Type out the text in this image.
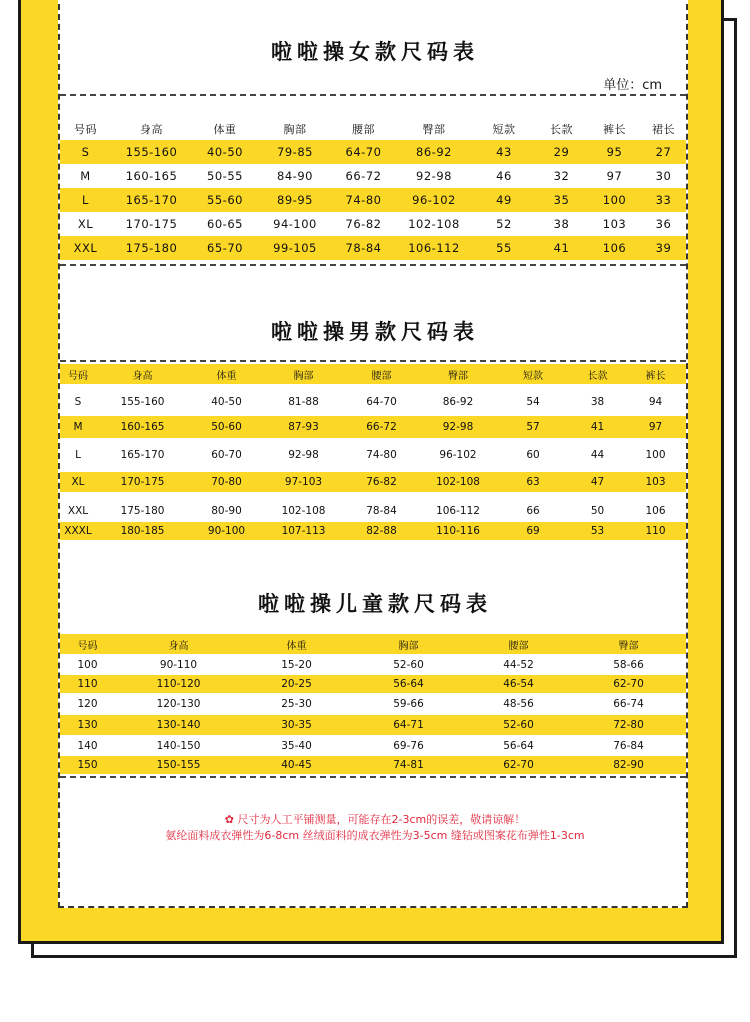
啦啦操女款尺码表
单位：cm
号码	身高	体重	胸部	腰部	臀部	短款	长款	裤长	裙长
S	155-160	40-50	79-85	64-70	86-92	43	29	95	27
M	160-165	50-55	84-90	66-72	92-98	46	32	97	30
L	165-170	55-60	89-95	74-80	96-102	49	35	100	33
XL	170-175	60-65	94-100	76-82	102-108	52	38	103	36
XXL	175-180	65-70	99-105	78-84	106-112	55	41	106	39
啦啦操男款尺码表
号码	身高	体重	胸部	腰部	臀部	短款	长款	裤长
S	155-160	40-50	81-88	64-70	86-92	54	38	94
M	160-165	50-60	87-93	66-72	92-98	57	41	97
L	165-170	60-70	92-98	74-80	96-102	60	44	100
XL	170-175	70-80	97-103	76-82	102-108	63	47	103
XXL	175-180	80-90	102-108	78-84	106-112	66	50	106
XXXL	180-185	90-100	107-113	82-88	110-116	69	53	110
啦啦操儿童款尺码表
号码	身高	体重	胸部	腰部	臀部
100	90-110	15-20	52-60	44-52	58-66
110	110-120	20-25	56-64	46-54	62-70
120	120-130	25-30	59-66	48-56	66-74
130	130-140	30-35	64-71	52-60	72-80
140	140-150	35-40	69-76	56-64	76-84
150	150-155	40-45	74-81	62-70	82-90
✿ 尺寸为人工平铺测量，可能存在2-3cm的误差，敬请谅解！
氨纶面料成衣弹性为6-8cm 丝绒面料的成衣弹性为3-5cm 缝钻或图案花布弹性1-3cm
